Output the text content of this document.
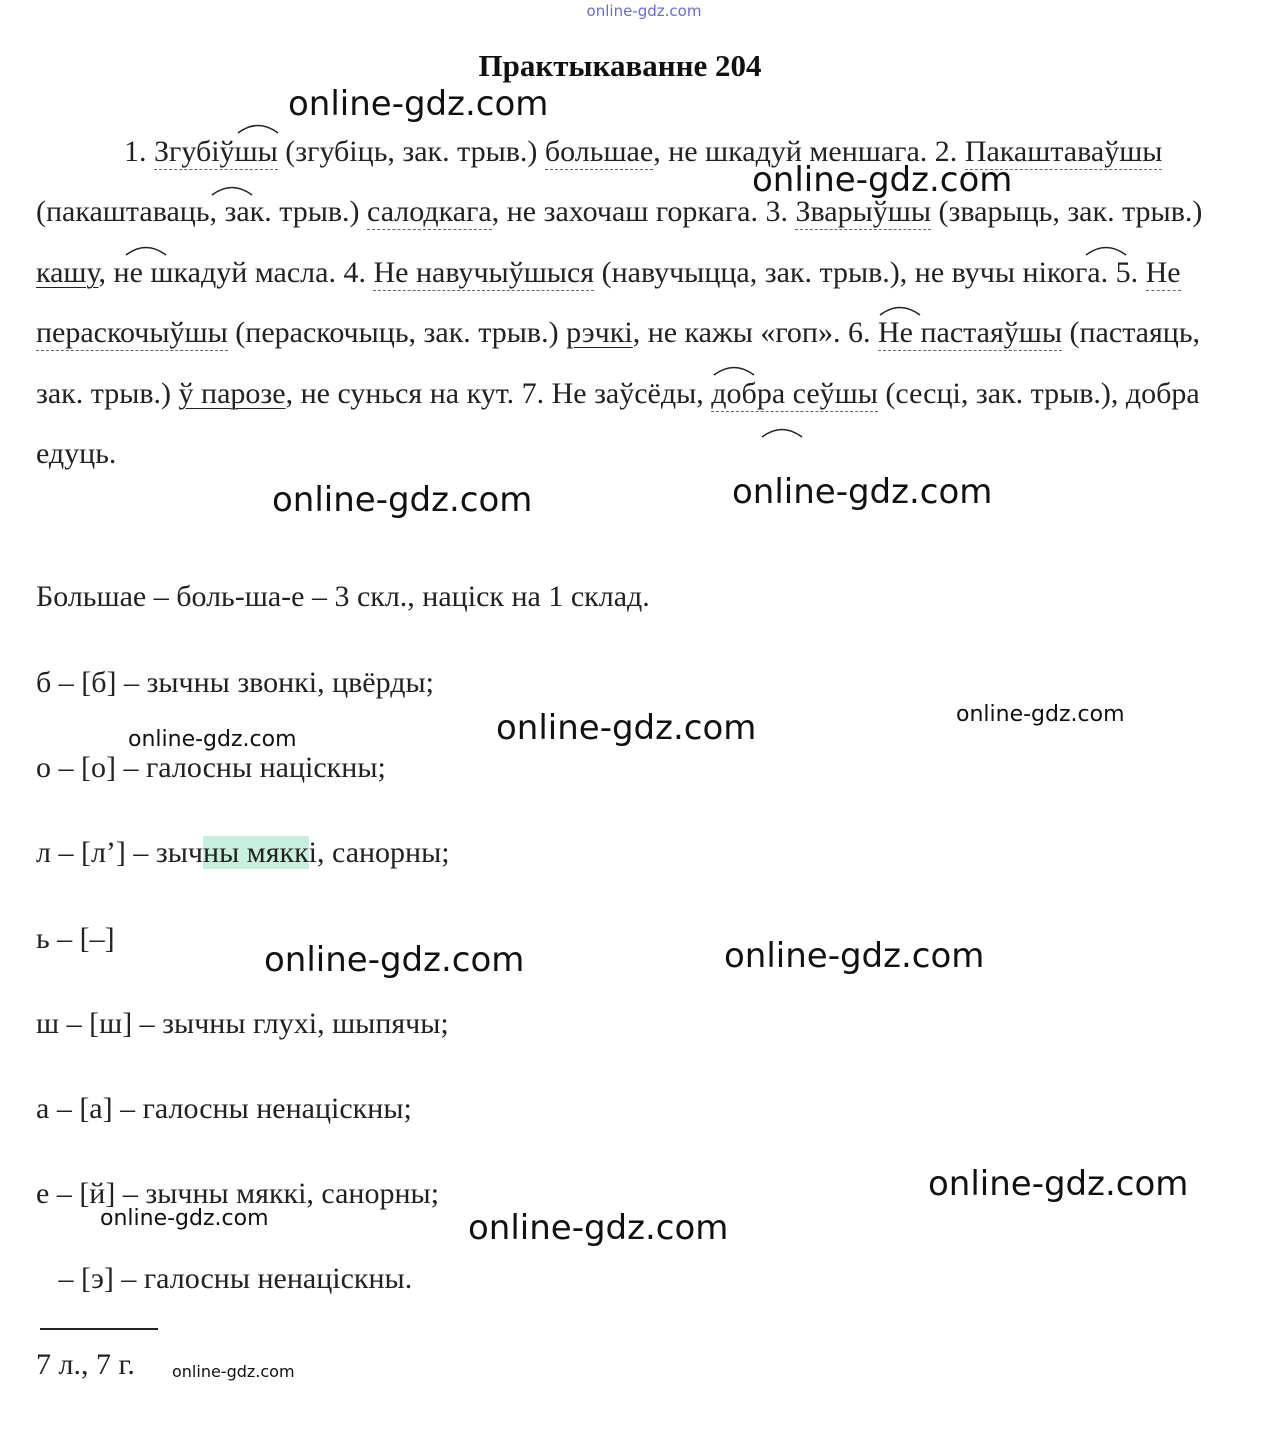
online-gdz.com
Практыкаванне 204
1. Згубіўшы (згубіць, зак. трыв.) большае, не шкадуй меншага. 2. Пакаштаваўшы (пакаштаваць, зак. трыв.) салодкага, не захочаш горкага. 3. Зварыўшы (зварыць, зак. трыв.) кашу, не шкадуй масла. 4. Не навучыўшыся (навучыцца, зак. трыв.), не вучы нікога. 5. Не пераскочыўшы (пераскочыць, зак. трыв.) рэчкі, не кажы «гоп». 6. Не пастаяўшы (пастаяць, зак. трыв.) ў парозе, не сунься на кут. 7. Не заўсёды, добра сеўшы (сесці, зак. трыв.), добра едуць.
Большае – боль-ша-е – 3 скл., націск на 1 склад.
б – [б] – зычны звонкі, цвёрды;
о – [о] – галосны націскны;
л – [л’] – зычны мяккі, санорны;
ь – [–]
ш – [ш] – зычны глухі, шыпячы;
а – [а] – галосны ненаціскны;
е – [й] – зычны мяккі, санорны;
– [э] – галосны ненаціскны.
7 л., 7 г.
online-gdz.com
online-gdz.com
online-gdz.com	online-gdz.com
online-gdz.com	online-gdz.com
online-gdz.com
online-gdz.com	online-gdz.com
online-gdz.com
online-gdz.com	online-gdz.com
online-gdz.com
